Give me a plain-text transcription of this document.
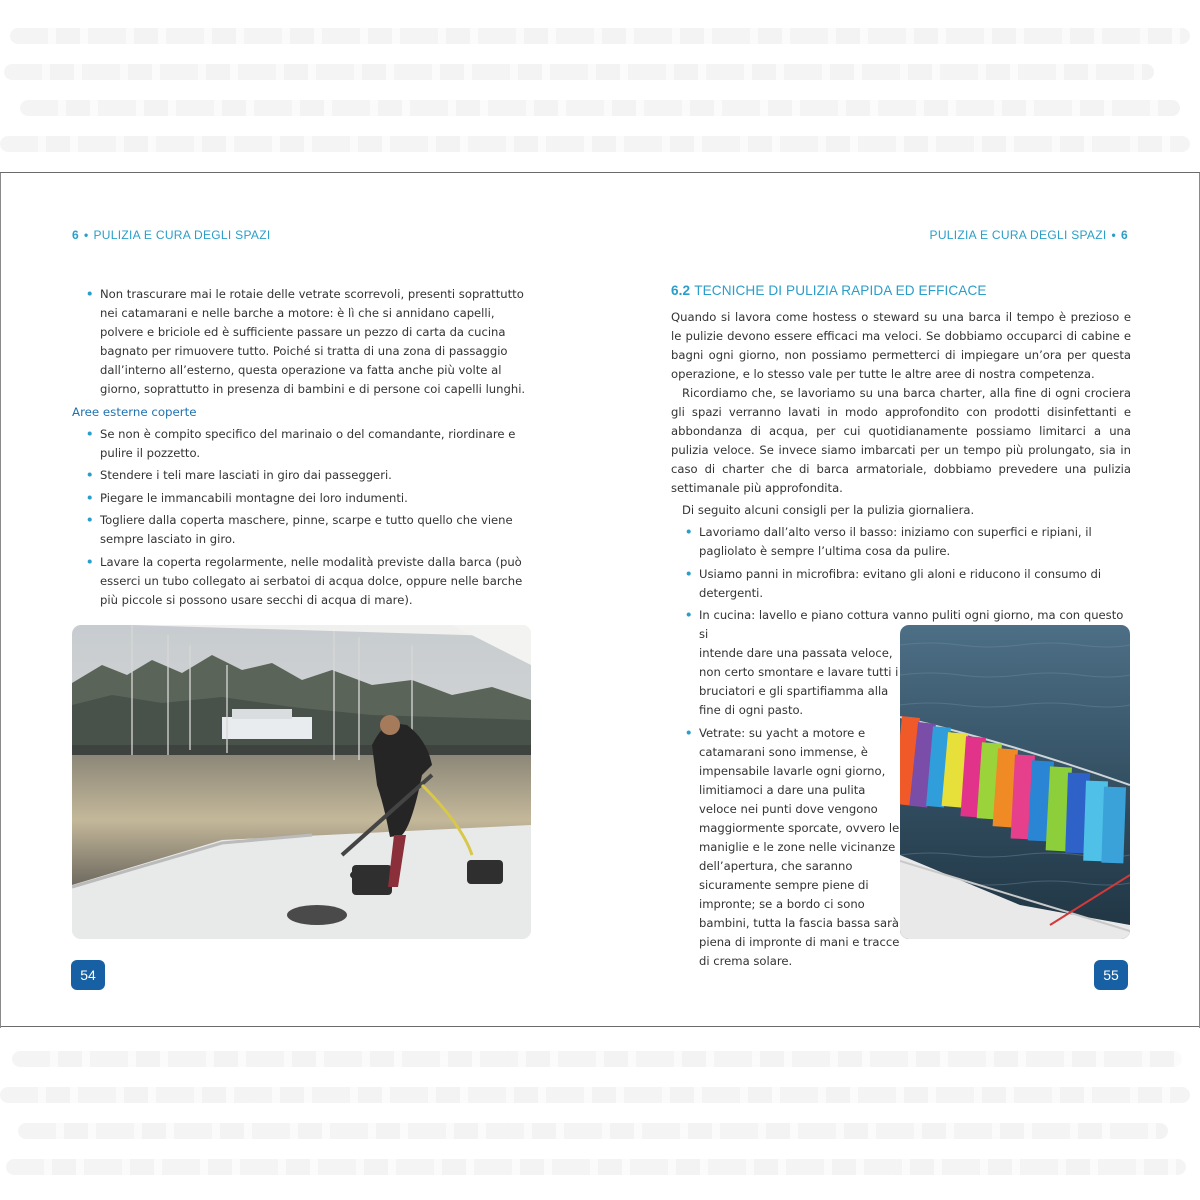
6 • PULIZIA E CURA DEGLI SPAZI
• Non trascurare mai le rotaie delle vetrate scorrevoli, presenti soprattutto nei catamarani e nelle barche a motore: è lì che si annidano capelli, polvere e briciole ed è sufficiente passare un pezzo di carta da cucina bagnato per rimuovere tutto. Poiché si tratta di una zona di passaggio dall’interno all’esterno, questa operazione va fatta anche più volte al giorno, soprattutto in presenza di bambini e di persone coi capelli lunghi.
Aree esterne coperte
• Se non è compito specifico del marinaio o del comandante, riordinare e pulire il pozzetto.
• Stendere i teli mare lasciati in giro dai passeggeri.
• Piegare le immancabili montagne dei loro indumenti.
• Togliere dalla coperta maschere, pinne, scarpe e tutto quello che viene sempre lasciato in giro.
• Lavare la coperta regolarmente, nelle modalità previste dalla barca (può esserci un tubo collegato ai serbatoi di acqua dolce, oppure nelle barche più piccole si possono usare secchi di acqua di mare).
54
PULIZIA E CURA DEGLI SPAZI • 6
6.2 TECNICHE DI PULIZIA RAPIDA ED EFFICACE

Quando si lavora come hostess o steward su una barca il tempo è prezioso e le pulizie devono essere efficaci ma veloci. Se dobbiamo occuparci di cabine e bagni ogni giorno, non possiamo permetterci di impiegare un’ora per questa operazione, e lo stesso vale per tutte le altre aree di nostra competenza.

Ricordiamo che, se lavoriamo su una barca charter, alla fine di ogni crociera gli spazi verranno lavati in modo approfondito con prodotti disinfettanti e abbondanza di acqua, per cui quotidianamente possiamo limitarci a una pulizia veloce. Se invece siamo imbarcati per un tempo più prolungato, sia in caso di charter che di barca armatoriale, dobbiamo prevedere una pulizia settimanale più approfondita.

Di seguito alcuni consigli per la pulizia giornaliera.

• Lavoriamo dall’alto verso il basso: iniziamo con superfici e ripiani, il pagliolato è sempre l’ultima cosa da pulire.
• Usiamo panni in microfibra: evitano gli aloni e riducono il consumo di detergenti.
• In cucina: lavello e piano cottura vanno puliti ogni giorno, ma con questo si
intende dare una passata veloce, non certo smontare e lavare tutti i bruciatori e gli spartifiamma alla fine di ogni pasto.
• Vetrate: su yacht a motore e catamarani sono immense, è impensabile lavarle ogni giorno, limitiamoci a dare una pulita veloce nei punti dove vengono maggiormente sporcate, ovvero le maniglie e le zone nelle vicinanze dell’apertura, che saranno sicuramente sempre piene di impronte; se a bordo ci sono bambini, tutta la fascia bassa sarà piena di impronte di mani e tracce di crema solare.
55
